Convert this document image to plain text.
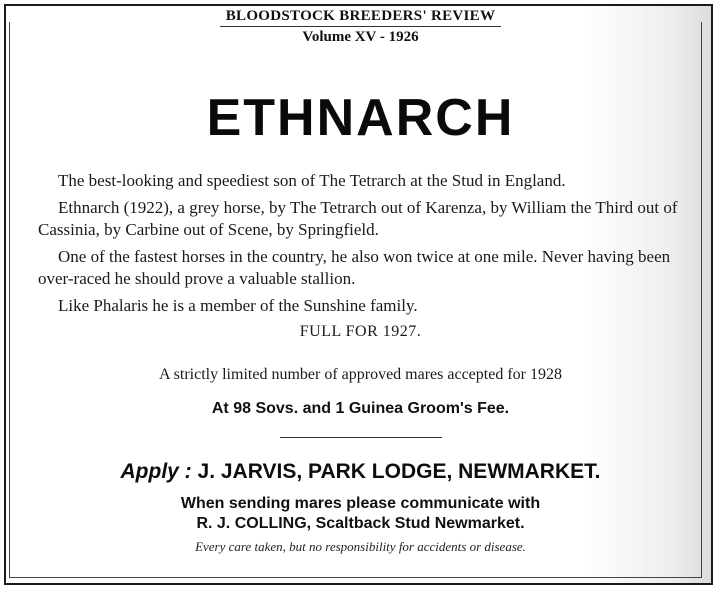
BLOODSTOCK BREEDERS' REVIEW
Volume XV - 1926
ETHNARCH

The best-looking and speediest son of The Tetrarch at the Stud in England.

Ethnarch (1922), a grey horse, by The Tetrarch out of Karenza, by William the Third out of Cassinia, by Carbine out of Scene, by Springfield.

One of the fastest horses in the country, he also won twice at one mile. Never having been over-raced he should prove a valuable stallion.

Like Phalaris he is a member of the Sunshine family.

FULL FOR 1927.
A strictly limited number of approved mares accepted for 1928
At 98 Sovs. and 1 Guinea Groom's Fee.
Apply : J. JARVIS, PARK LODGE, NEWMARKET.
When sending mares please communicate with
R. J. COLLING, Scaltback Stud Newmarket.
Every care taken, but no responsibility for accidents or disease.
